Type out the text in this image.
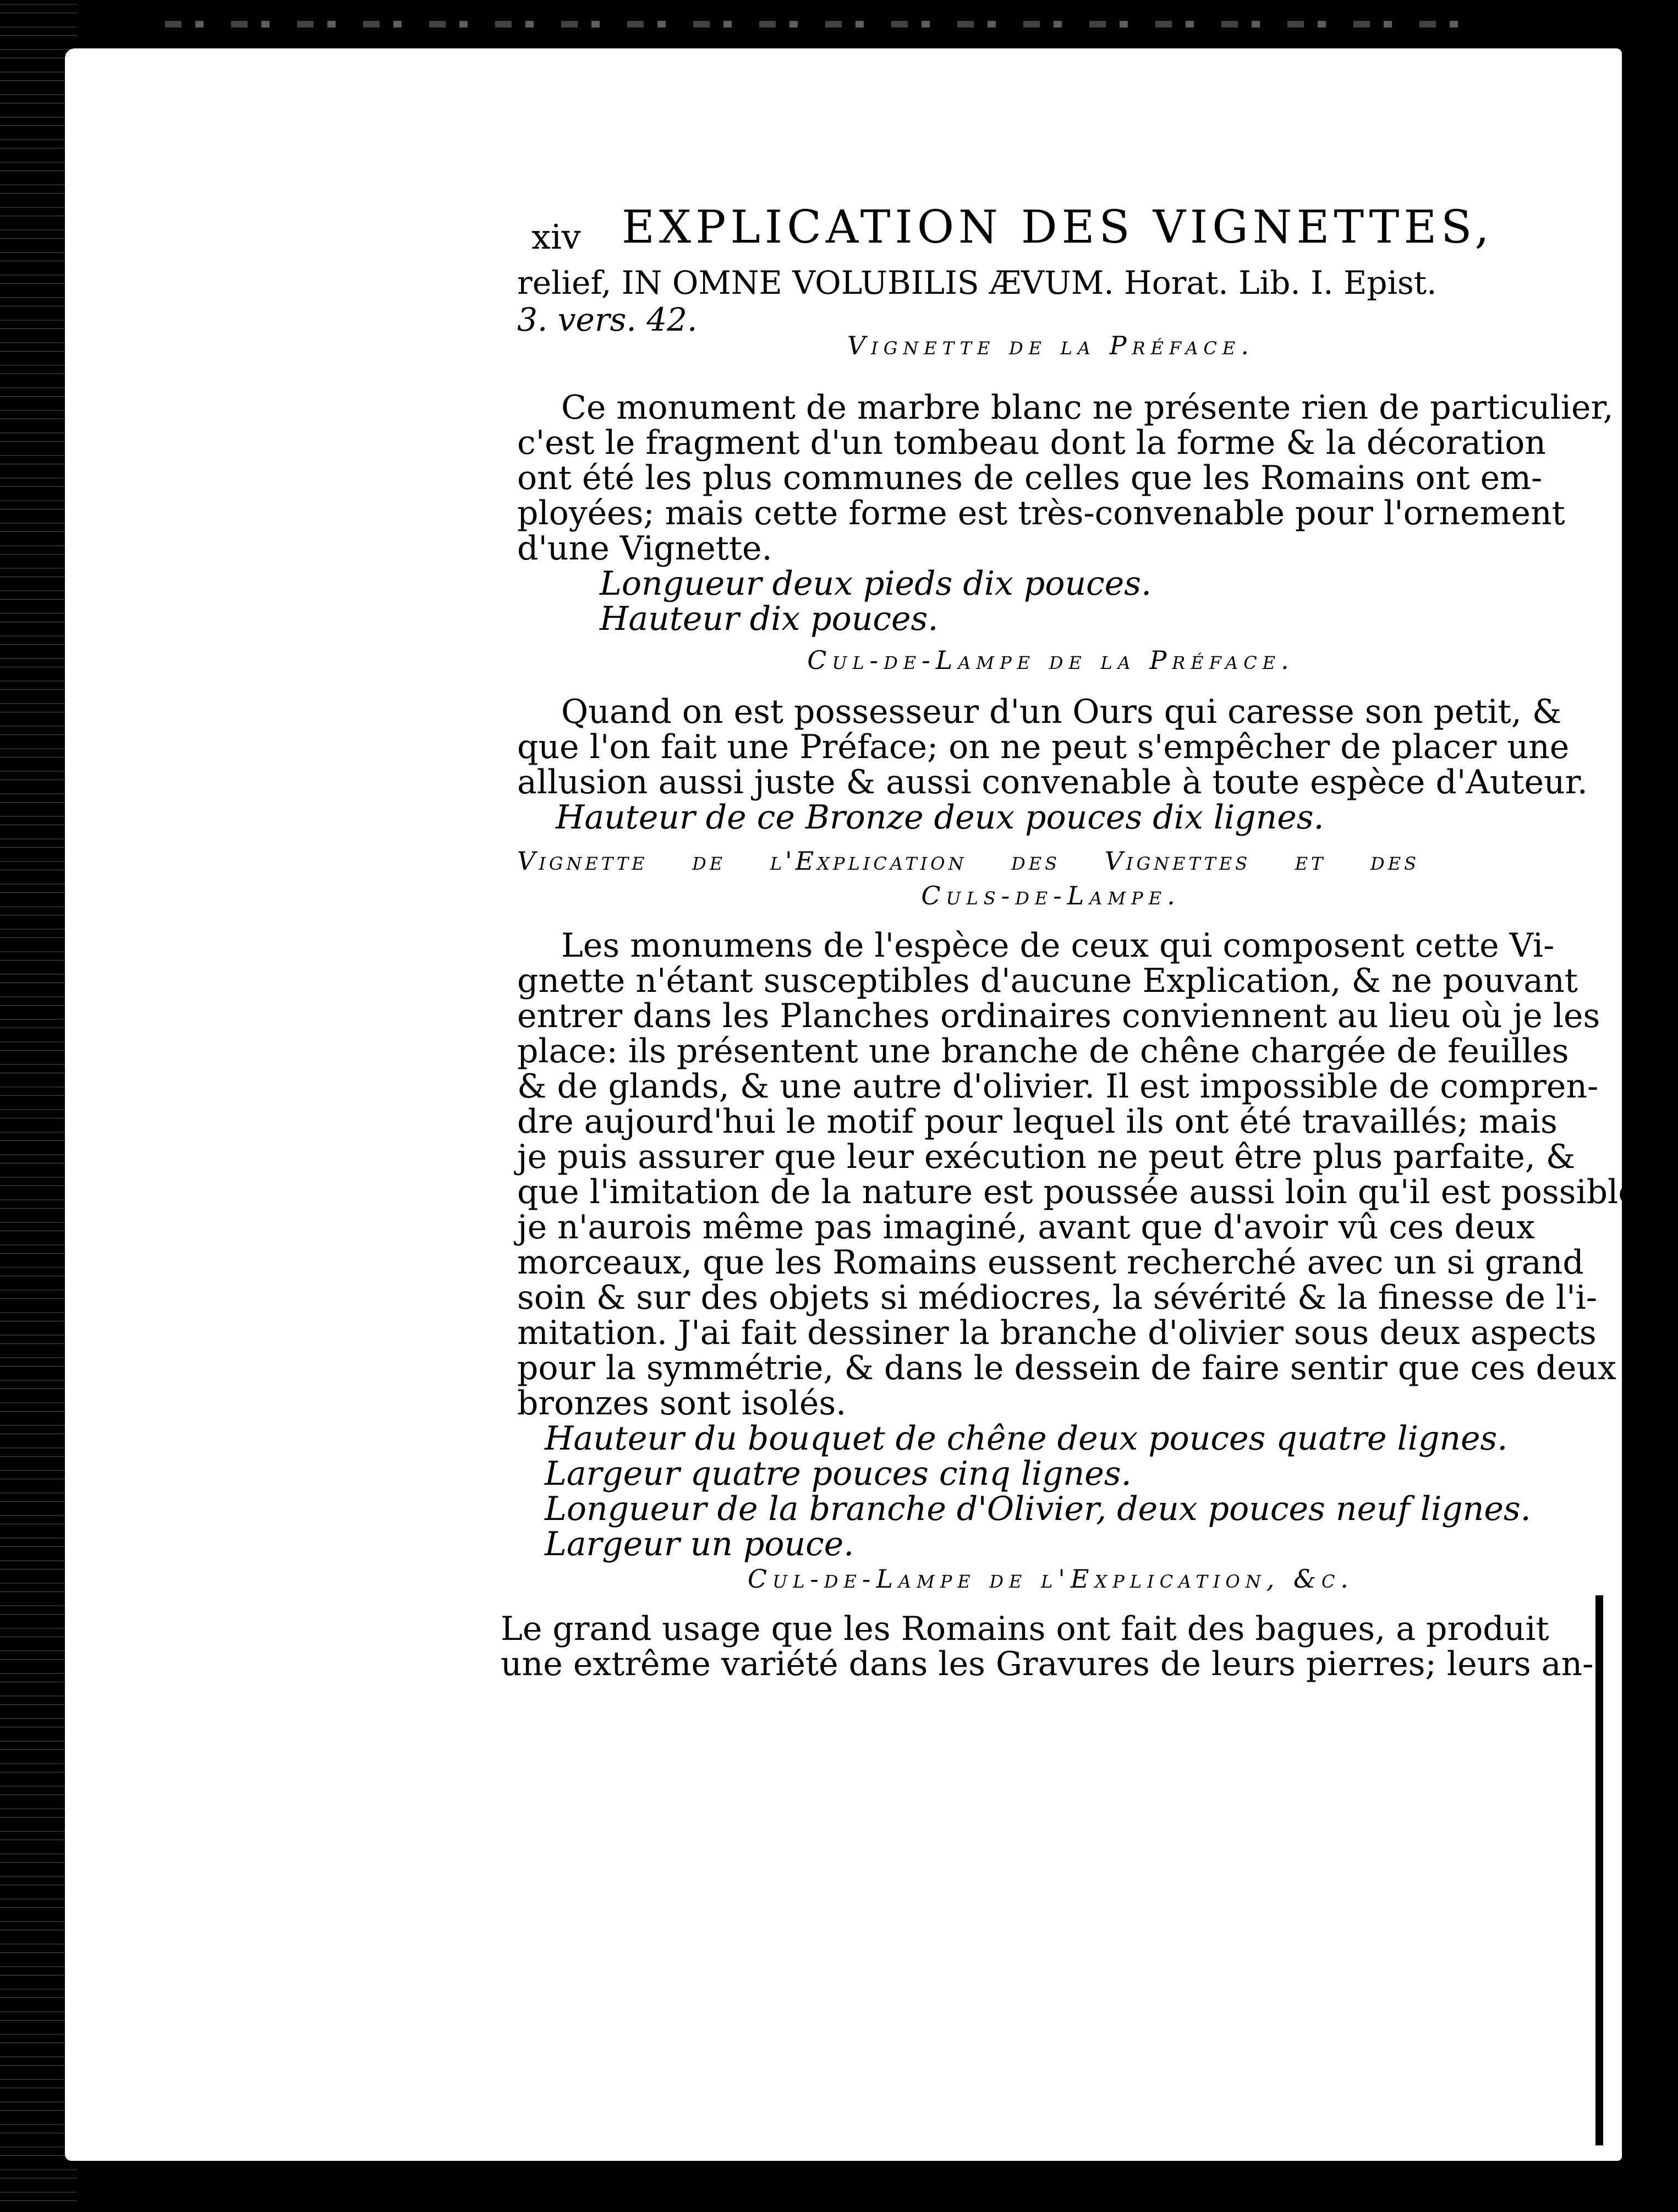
xiv EXPLICATION DES VIGNETTES,
relief, IN OMNE VOLUBILIS ÆVUM. Horat. Lib. I. Epist.
3. vers. 42.
Vignette de la Préface.
Ce monument de marbre blanc ne présente rien de particulier,
c'est le fragment d'un tombeau dont la forme & la décoration
ont été les plus communes de celles que les Romains ont em-
ployées; mais cette forme est très-convenable pour l'ornement
d'une Vignette.
Longueur deux pieds dix pouces.
Hauteur dix pouces.
Cul-de-Lampe de la Préface.
Quand on est possesseur d'un Ours qui caresse son petit, &
que l'on fait une Préface; on ne peut s'empêcher de placer une
allusion aussi juste & aussi convenable à toute espèce d'Auteur.
Hauteur de ce Bronze deux pouces dix lignes.
Vignette de l'Explication des Vignettes et des
Culs-de-Lampe.
Les monumens de l'espèce de ceux qui composent cette Vi-
gnette n'étant susceptibles d'aucune Explication, & ne pouvant
entrer dans les Planches ordinaires conviennent au lieu où je les
place: ils présentent une branche de chêne chargée de feuilles
& de glands, & une autre d'olivier. Il est impossible de compren-
dre aujourd'hui le motif pour lequel ils ont été travaillés; mais
je puis assurer que leur exécution ne peut être plus parfaite, &
que l'imitation de la nature est poussée aussi loin qu'il est possible;
je n'aurois même pas imaginé, avant que d'avoir vû ces deux
morceaux, que les Romains eussent recherché avec un si grand
soin & sur des objets si médiocres, la sévérité & la finesse de l'i-
mitation. J'ai fait dessiner la branche d'olivier sous deux aspects
pour la symmétrie, & dans le dessein de faire sentir que ces deux
bronzes sont isolés.
Hauteur du bouquet de chêne deux pouces quatre lignes.
Largeur quatre pouces cinq lignes.
Longueur de la branche d'Olivier, deux pouces neuf lignes.
Largeur un pouce.
Cul-de-Lampe de l'Explication, &c.
Le grand usage que les Romains ont fait des bagues, a produit
une extrême variété dans les Gravures de leurs pierres; leurs an-
